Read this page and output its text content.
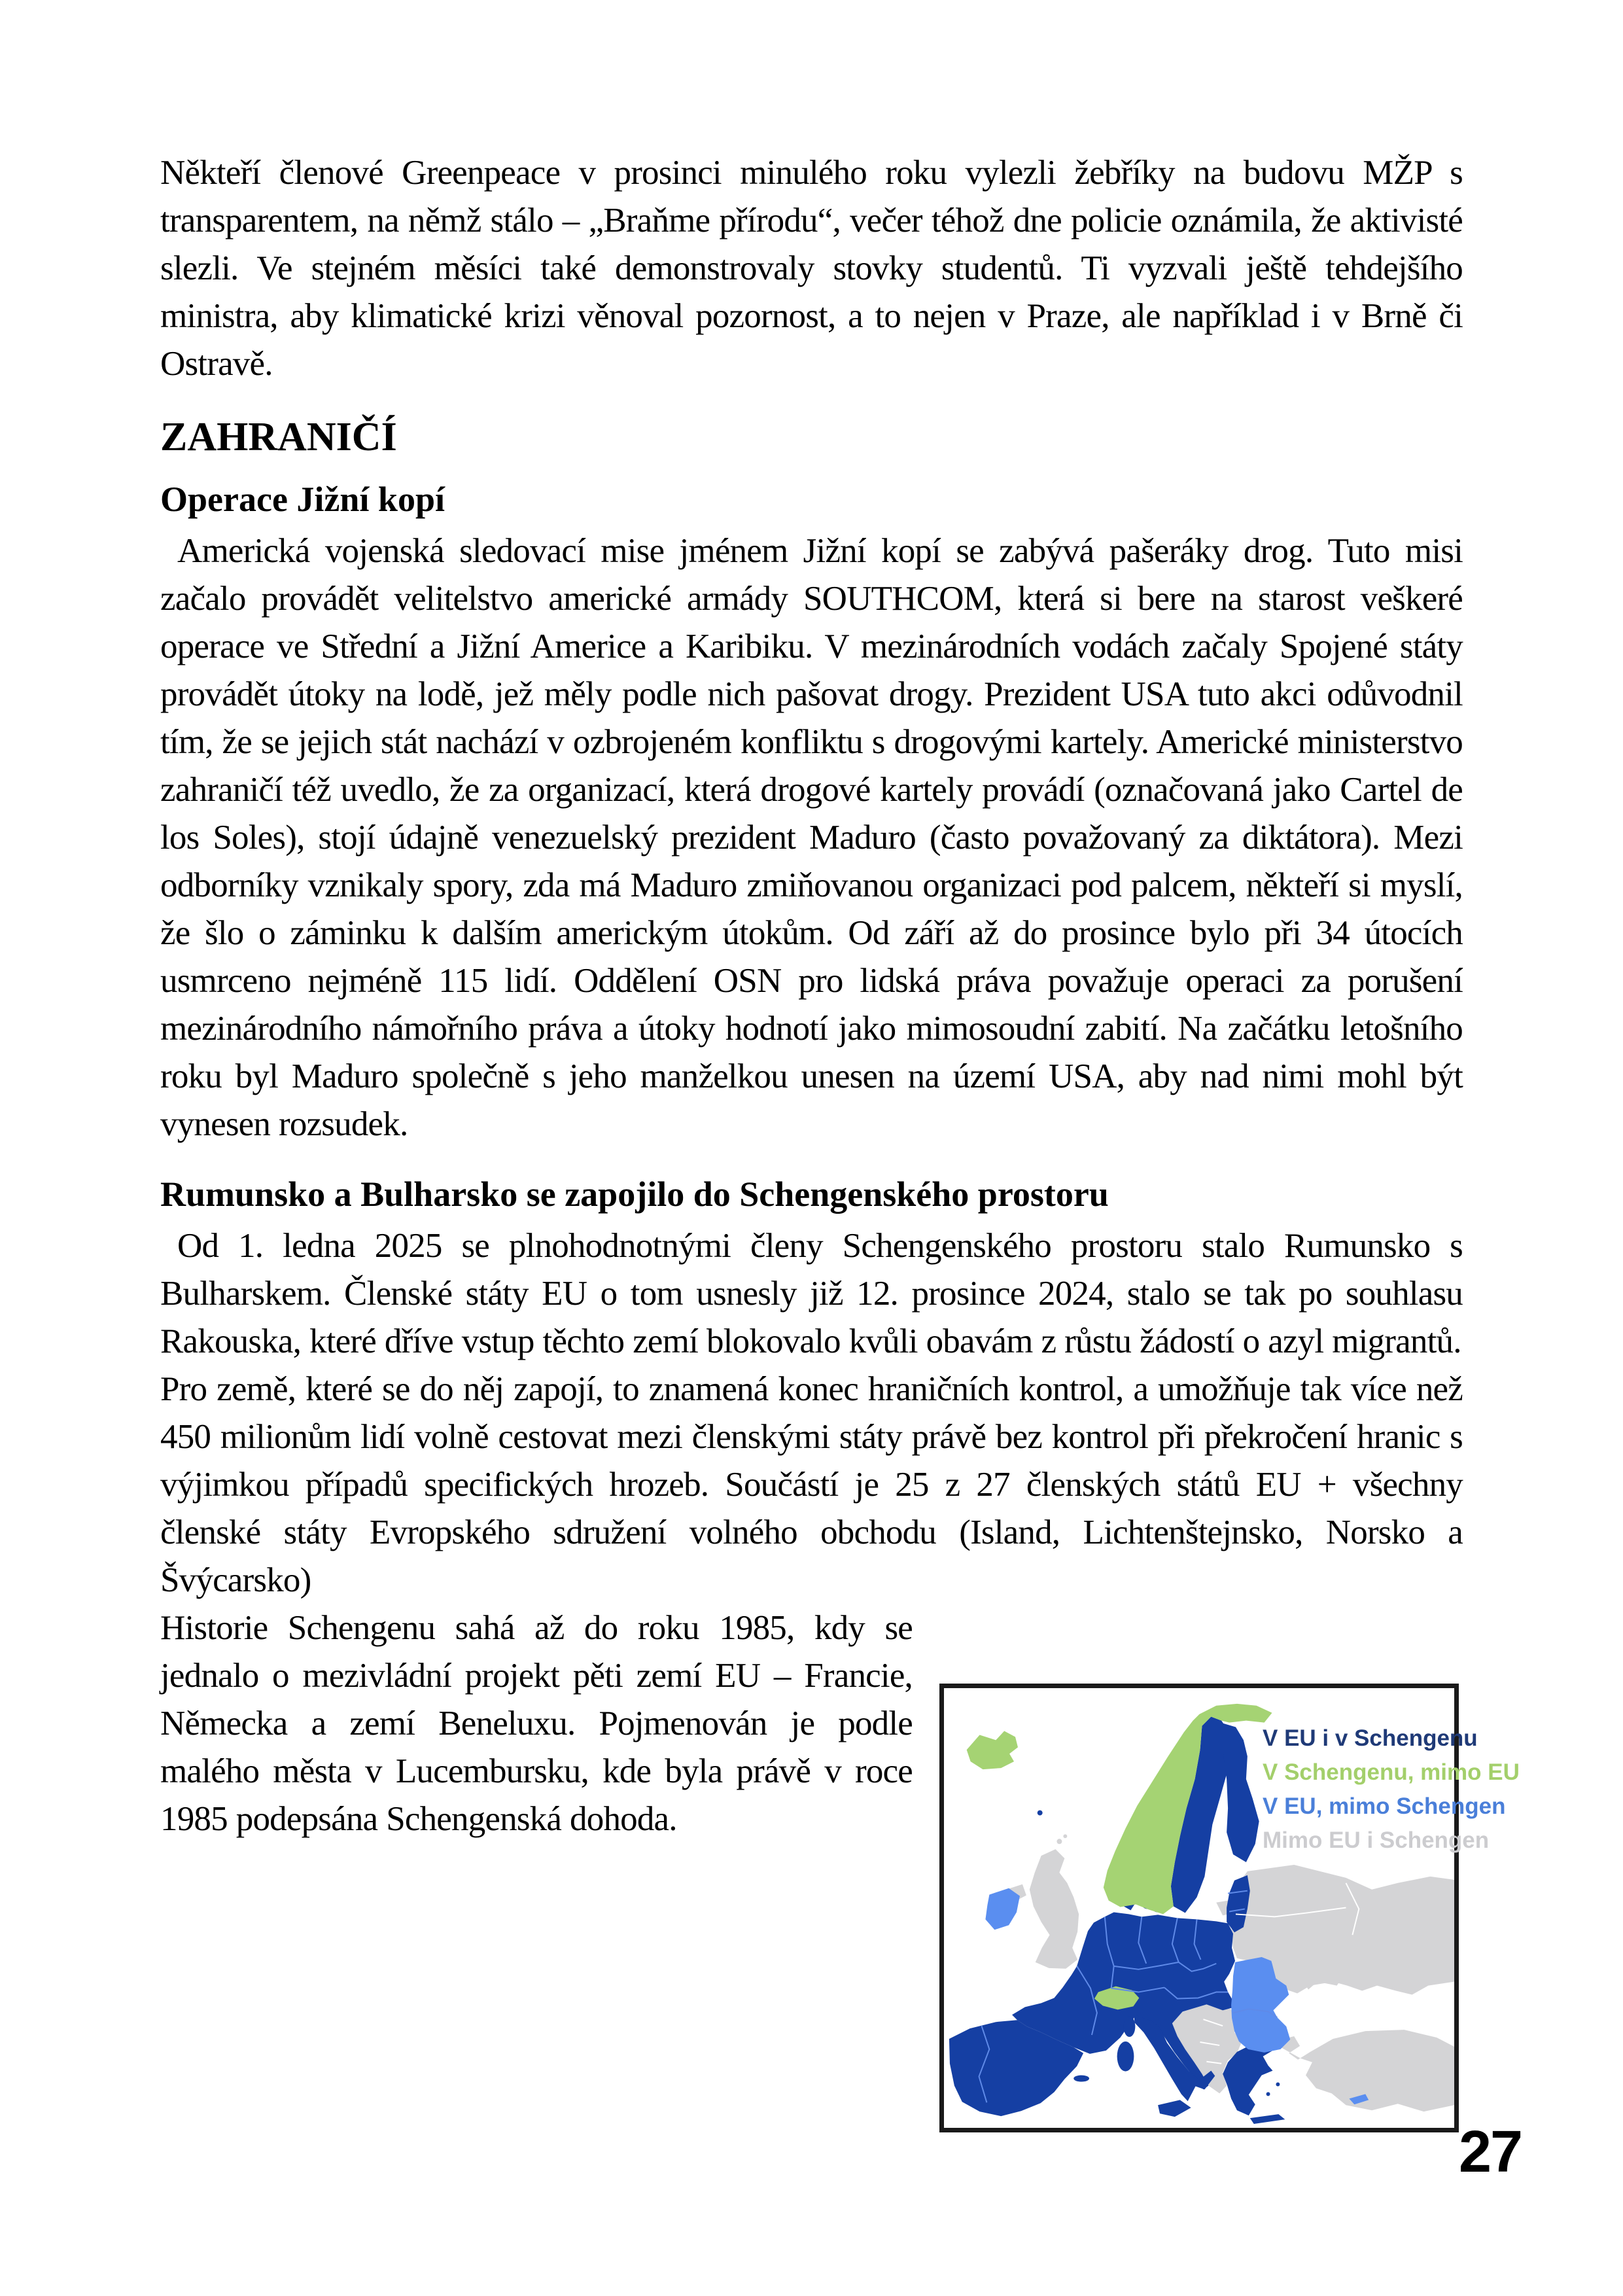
Někteří členové Greenpeace v prosinci minulého roku vylezli žebříky na budovu MŽP s transparentem, na němž stálo – „Braňme přírodu“, večer téhož dne policie oznámila, že aktivisté slezli. Ve stejném měsíci také demonstrovaly stovky studentů. Ti vyzvali ještě tehdejšího ministra, aby klimatické krizi věnoval pozornost, a to nejen v Praze, ale například i v Brně či Ostravě.

ZAHRANIČÍ
Operace Jižní kopí

Americká vojenská sledovací mise jménem Jižní kopí se zabývá pašeráky drog. Tuto misi začalo provádět velitelstvo americké armády SOUTHCOM, která si bere na starost veškeré operace ve Střední a Jižní Americe a Karibiku. V mezinárodních vodách začaly Spojené státy provádět útoky na lodě, jež měly podle nich pašovat drogy. Prezident USA tuto akci odůvodnil tím, že se jejich stát nachází v ozbrojeném konfliktu s drogovými kartely. Americké ministerstvo zahraničí též uvedlo, že za organizací, která drogové kartely provádí (označovaná jako Cartel de los Soles), stojí údajně venezuelský prezident Maduro (často považovaný za diktátora). Mezi odborníky vznikaly spory, zda má Maduro zmiňovanou organizaci pod palcem, někteří si myslí, že šlo o záminku k dalším americkým útokům. Od září až do prosince bylo při 34 útocích usmrceno nejméně 115 lidí. Oddělení OSN pro lidská práva považuje operaci za porušení mezinárodního námořního práva a útoky hodnotí jako mimosoudní zabití. Na začátku letošního roku byl Maduro společně s jeho manželkou unesen na území USA, aby nad nimi mohl být vynesen rozsudek.

Rumunsko a Bulharsko se zapojilo do Schengenského prostoru

Od 1. ledna 2025 se plnohodnotnými členy Schengenského prostoru stalo Rumunsko s Bulharskem. Členské státy EU o tom usnesly již 12. prosince 2024, stalo se tak po souhlasu Rakouska, které dříve vstup těchto zemí blokovalo kvůli obavám z růstu žádostí o azyl migrantů.

Pro země, které se do něj zapojí, to znamená konec hraničních kontrol, a umožňuje tak více než 450 milionům lidí volně cestovat mezi členskými státy právě bez kontrol při překročení hranic s výjimkou případů specifických hrozeb. Součástí je 25 z 27 členských států EU + všechny členské státy Evropského sdružení volného obchodu (Island, Lichtenštejnsko, Norsko a Švýcarsko)

Historie Schengenu sahá až do roku 1985, kdy se jednalo o mezivládní projekt pěti zemí EU – Francie, Německa a zemí Beneluxu. Pojmenován je podle malého města v Lucembursku, kde byla právě v roce 1985 podepsána Schengenská dohoda.

V EU i v Schengenu
V Schengenu, mimo EU
V EU, mimo Schengen
Mimo EU i Schengen
27
